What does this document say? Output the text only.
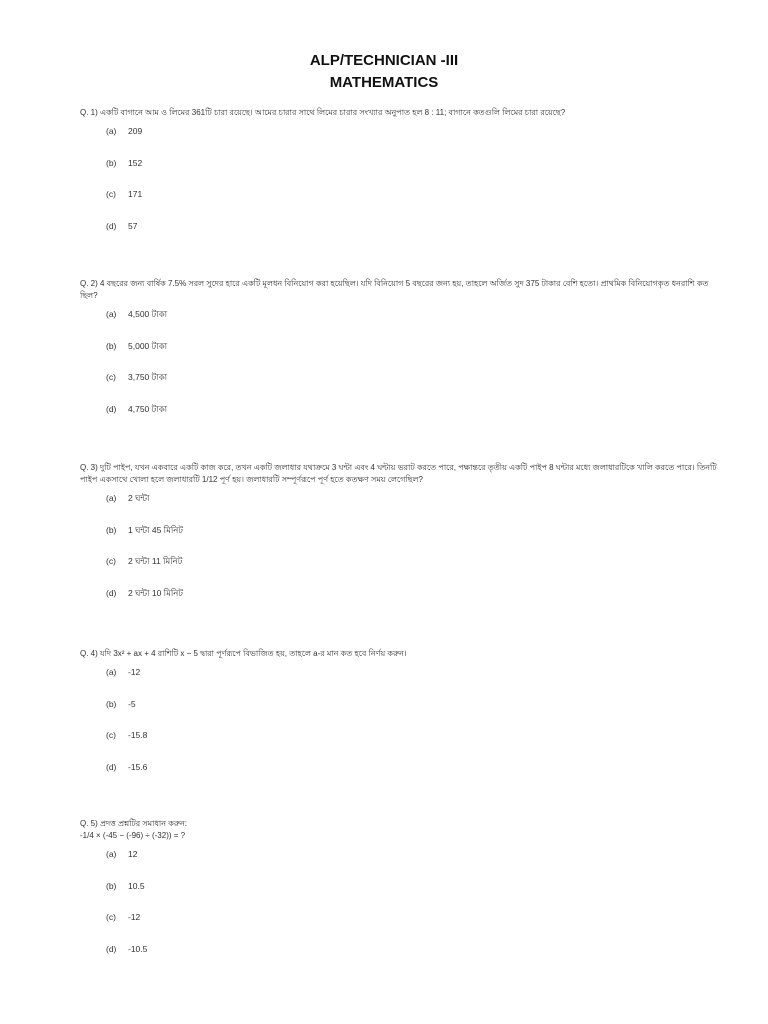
ALP/TECHNICIAN -III
MATHEMATICS
Q. 1) একটি বাগানে আম ও লিমের 361টি চারা রয়েছে। আমের চারার সাথে লিমের চারার সংখ্যার অনুপাত হল 8 : 11; বাগানে কতগুলি লিমের চারা রয়েছে?
(a) 209
(b) 152
(c) 171
(d) 57
Q. 2) 4 বছরের জন্য বার্ষিক 7.5% সরল সুদের হারে একটি মূলধন বিনিয়োগ করা হয়েছিল। যদি বিনিয়োগ 5 বছরের জন্য হয়, তাহলে অর্জিত সুদ 375 টাকার বেশি হতো। প্রাথমিক বিনিয়োগকৃত ধনরাশি কত ছিল?
(a) 4,500 টাকা
(b) 5,000 টাকা
(c) 3,750 টাকা
(d) 4,750 টাকা
Q. 3) দুটি পাইপ, যখন একবারে একটি কাজ করে, তখন একটি জলাধার যথাক্রমে 3 ঘন্টা এবং 4 ঘন্টায় ভরাট করতে পারে, পক্ষান্তরে তৃতীয় একটি পাইপ 8 ঘন্টার মধ্যে জলাধারটিকে খালি করতে পারে। তিনটি পাইপ একসাথে খোলা হলে জলাধারটি 1/12 পূর্ণ হয়। জলাধারটি সম্পূর্ণরূপে পূর্ণ হতে কতক্ষণ সময় লেগেছিল?
(a) 2 ঘন্টা
(b) 1 ঘন্টা 45 মিনিট
(c) 2 ঘন্টা 11 মিনিট
(d) 2 ঘন্টা 10 মিনিট
Q. 4) যদি 3x² + ax + 4 রাশিটি x − 5 দ্বারা পূর্ণরূপে বিভাজিত হয়, তাহলে a-র মান কত হবে নির্ণয় করুন।
(a) -12
(b) -5
(c) -15.8
(d) -15.6
Q. 5) প্রদত্ত প্রশ্নটির সমাধান করুন:
-1/4 × (-45 − (-96) ÷ (-32)) = ?
(a) 12
(b) 10.5
(c) -12
(d) -10.5
